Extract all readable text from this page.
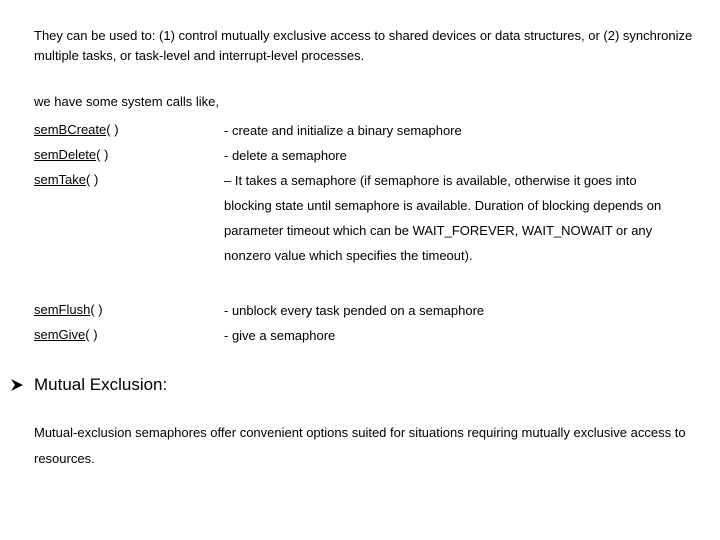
They can be used to: (1) control mutually exclusive access to shared devices or data structures, or (2) synchronize multiple tasks, or task-level and interrupt-level processes.

we have some system calls like,

semBCreate( )	- create and initialize a binary semaphore
semDelete( )	- delete a semaphore
semTake( )	– It takes a semaphore (if semaphore is available, otherwise it goes into blocking state until semaphore is available. Duration of blocking depends on parameter timeout which can be WAIT_FOREVER, WAIT_NOWAIT or any nonzero value which specifies the timeout).
semFlush( )	- unblock every task pended on a semaphore
semGive( )	- give a semaphore
Mutual Exclusion:

Mutual-exclusion semaphores offer convenient options suited for situations requiring mutually exclusive access to resources.
